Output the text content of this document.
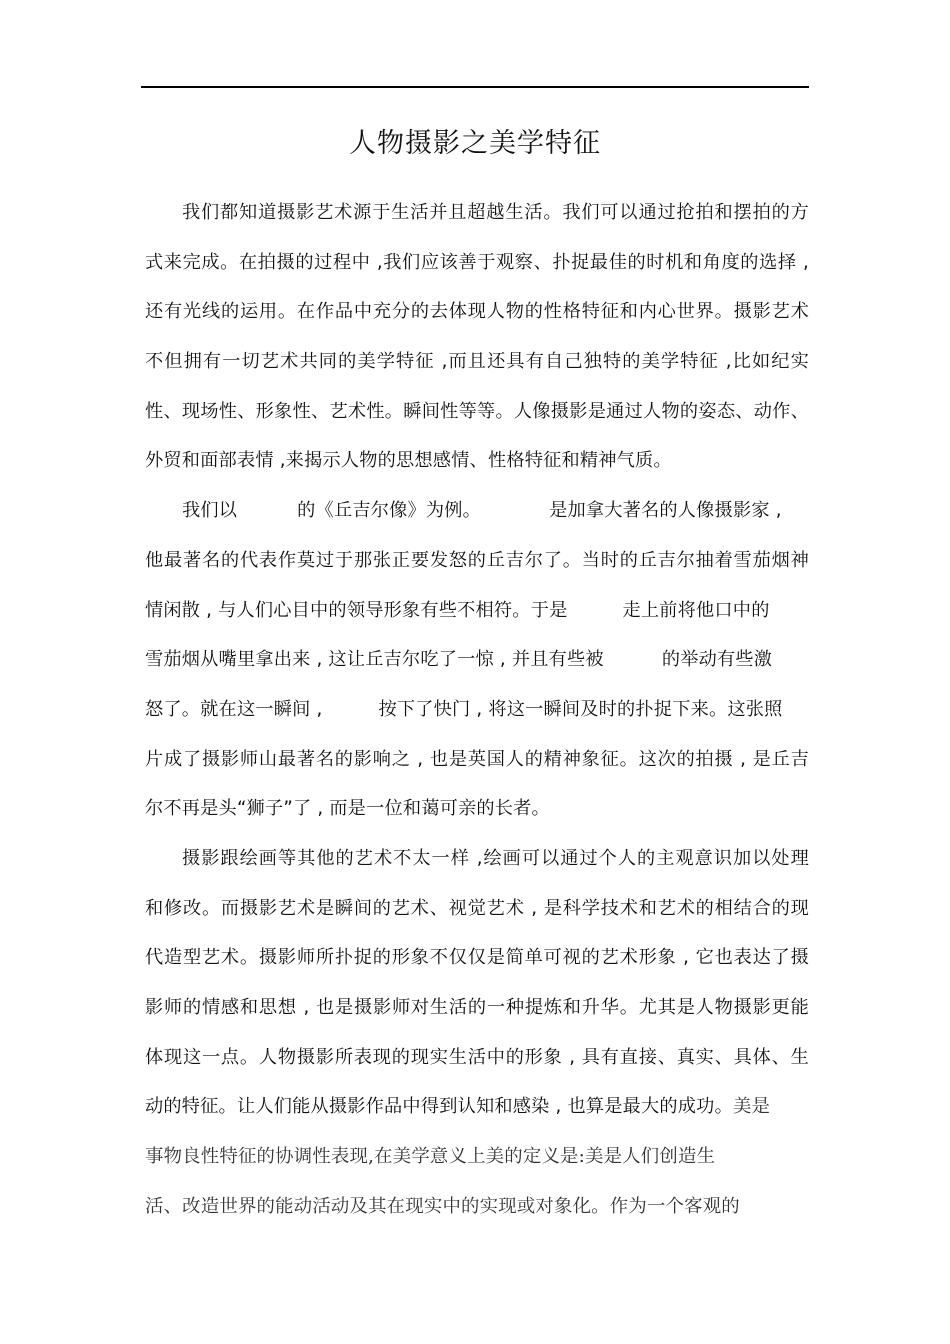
人物摄影之美学特征
我们都知道摄影艺术源于生活并且超越生活。我们可以通过抢拍和摆拍的方
式来完成。在拍摄的过程中 ,我们应该善于观察、扑捉最佳的时机和角度的选择 ,
还有光线的运用。在作品中充分的去体现人物的性格特征和内心世界。摄影艺术
不但拥有一切艺术共同的美学特征 ,而且还具有自己独特的美学特征 ,比如纪实
性、现场性、形象性、艺术性。瞬间性等等。人像摄影是通过人物的姿态、动作、
外贸和面部表情 ,来揭示人物的思想感情、性格特征和精神气质。
我们以	的《丘吉尔像》为例。	是加拿大著名的人像摄影家 ,
他最著名的代表作莫过于那张正要发怒的丘吉尔了。当时的丘吉尔抽着雪茄烟神
情闲散 , 与人们心目中的领导形象有些不相符。于是	走上前将他口中的
雪茄烟从嘴里拿出来 , 这让丘吉尔吃了一惊 , 并且有些被	的举动有些激
怒了。就在这一瞬间 ,	按下了快门 , 将这一瞬间及时的扑捉下来。这张照
片成了摄影师山最著名的影响之 , 也是英国人的精神象征。这次的拍摄 , 是丘吉
尔不再是头“狮子”了 , 而是一位和蔼可亲的长者。
摄影跟绘画等其他的艺术不太一样 ,绘画可以通过个人的主观意识加以处理
和修改。而摄影艺术是瞬间的艺术、视觉艺术 , 是科学技术和艺术的相结合的现
代造型艺术。摄影师所扑捉的形象不仅仅是简单可视的艺术形象 , 它也表达了摄
影师的情感和思想 , 也是摄影师对生活的一种提炼和升华。尤其是人物摄影更能
体现这一点。人物摄影所表现的现实生活中的形象 , 具有直接、真实、具体、生
动的特征。让人们能从摄影作品中得到认知和感染 , 也算是最大的成功。美是
事物良性特征的协调性表现,在美学意义上美的定义是:美是人们创造生
活、改造世界的能动活动及其在现实中的实现或对象化。作为一个客观的
